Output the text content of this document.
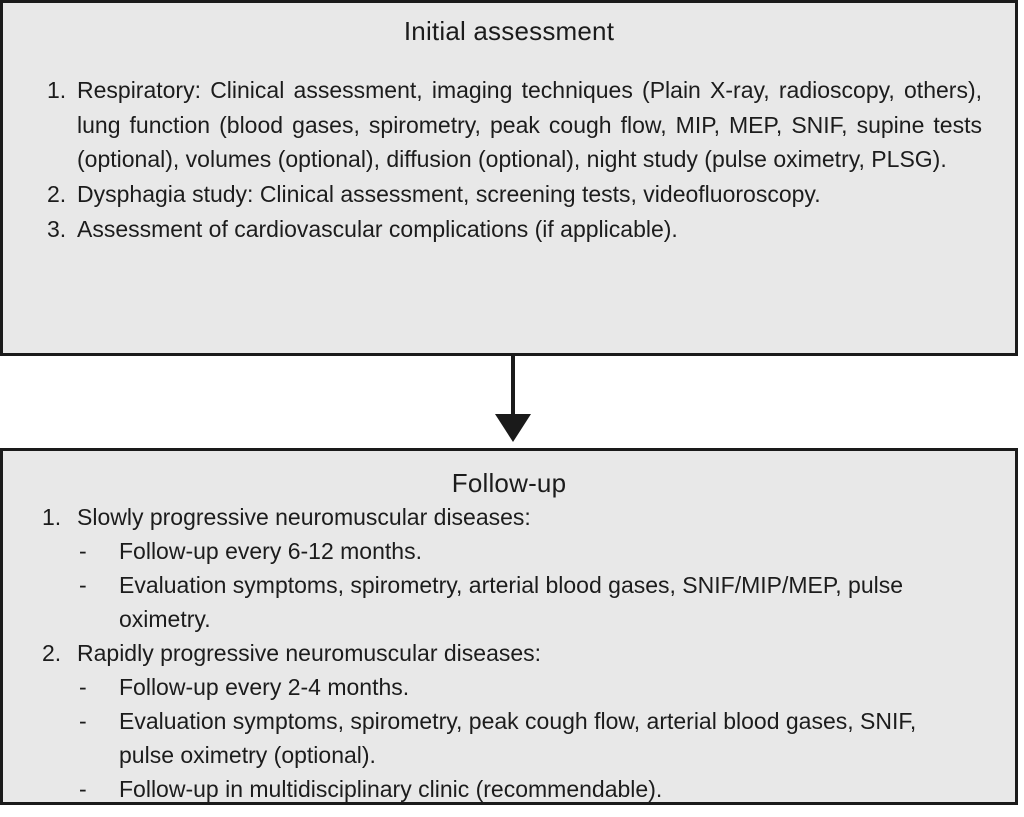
Initial assessment
1. Respiratory: Clinical assessment, imaging techniques (Plain X-ray, radioscopy, others), lung function (blood gases, spirometry, peak cough flow, MIP, MEP, SNIF, supine tests (optional), volumes (optional), diffusion (optional), night study (pulse oximetry, PLSG).
2. Dysphagia study: Clinical assessment, screening tests, videofluoroscopy.
3. Assessment of cardiovascular complications (if applicable).
Follow-up
1. Slowly progressive neuromuscular diseases:
-	Follow-up every 6-12 months.
-	Evaluation symptoms, spirometry, arterial blood gases, SNIF/MIP/MEP, pulse oximetry.
2. Rapidly progressive neuromuscular diseases:
-	Follow-up every 2-4 months.
-	Evaluation symptoms, spirometry, peak cough flow, arterial blood gases, SNIF, pulse oximetry (optional).
-	Follow-up in multidisciplinary clinic (recommendable).
